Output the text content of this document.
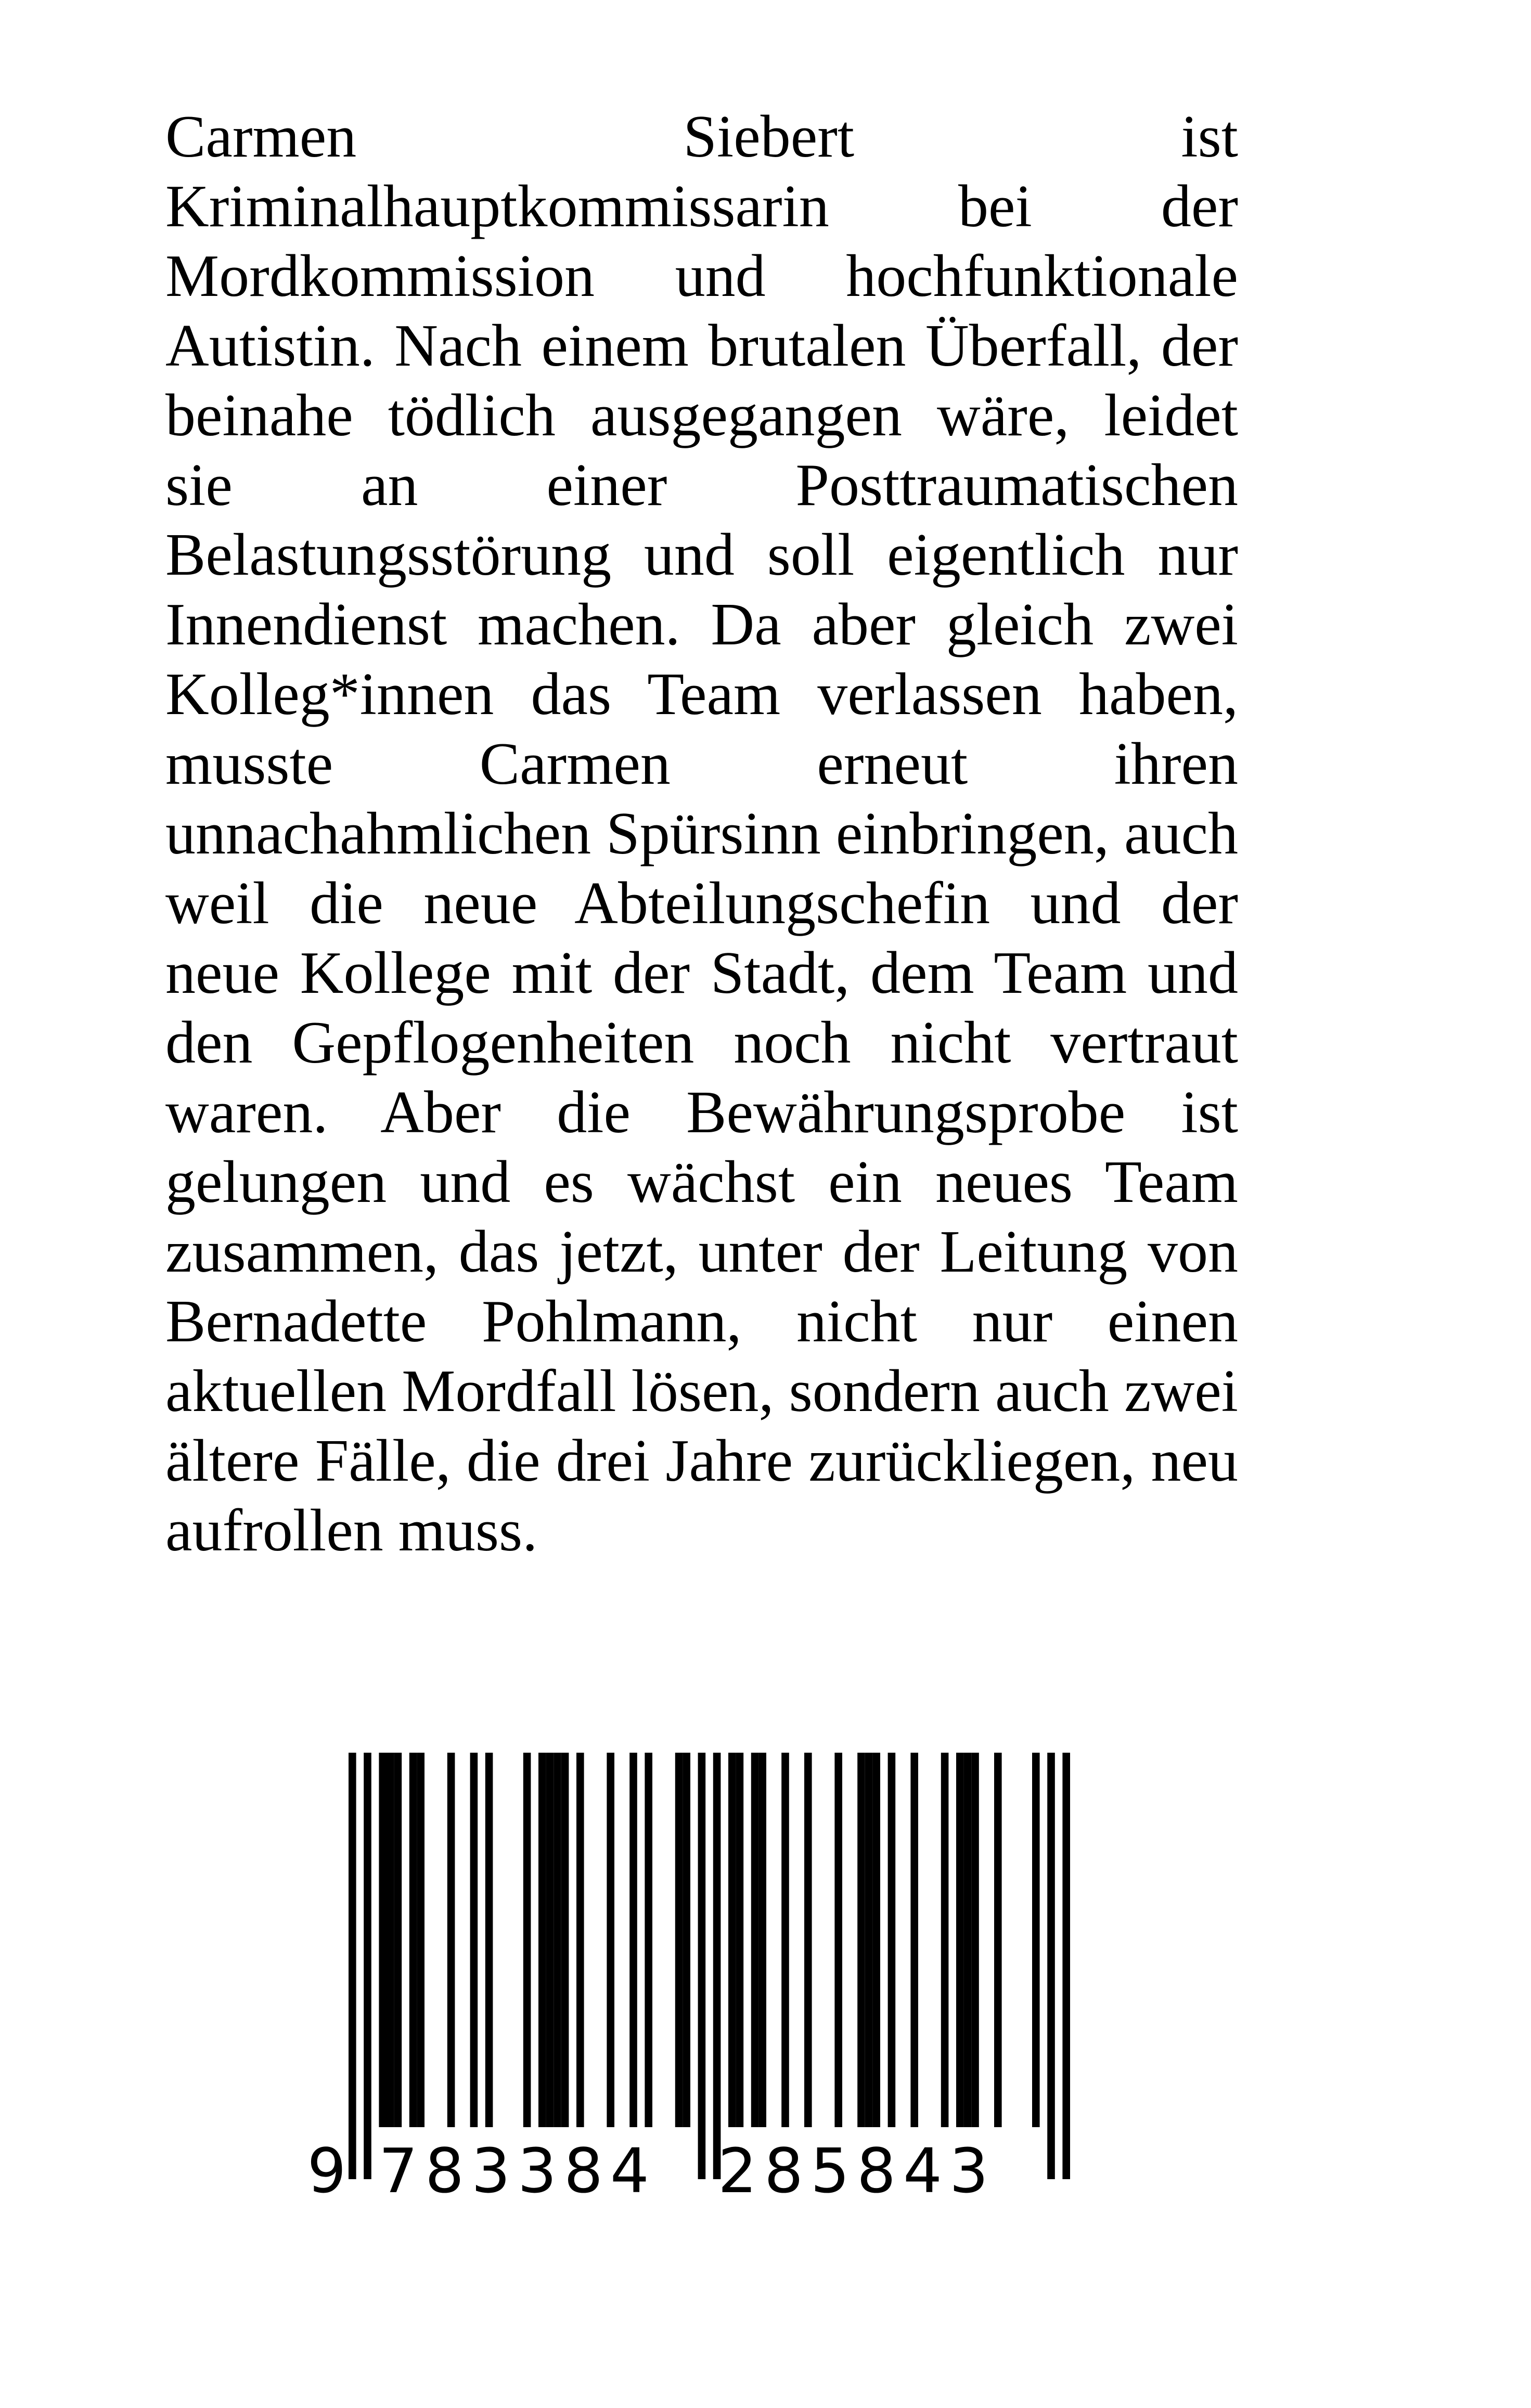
Carmen Siebert ist Kriminalhauptkommissarin bei der Mordkommission und hochfunktionale Autistin. Nach einem brutalen Überfall, der beinahe tödlich ausgegangen wäre, leidet sie an einer Posttraumatischen Belastungsstörung und soll eigentlich nur Innendienst machen. Da aber gleich zwei Kolleg*innen das Team verlassen haben, musste Carmen erneut ihren unnachahmlichen Spürsinn einbringen, auch weil die neue Abteilungschefin und der neue Kollege mit der Stadt, dem Team und den Gepflogenheiten noch nicht vertraut waren. Aber die Bewährungsprobe ist gelungen und es wächst ein neues Team zusammen, das jetzt, unter der Leitung von Bernadette Pohlmann, nicht nur einen aktuellen Mordfall lösen, sondern auch zwei ältere Fälle, die drei Jahre zurückliegen, neu aufrollen muss.

9 783384 285843
